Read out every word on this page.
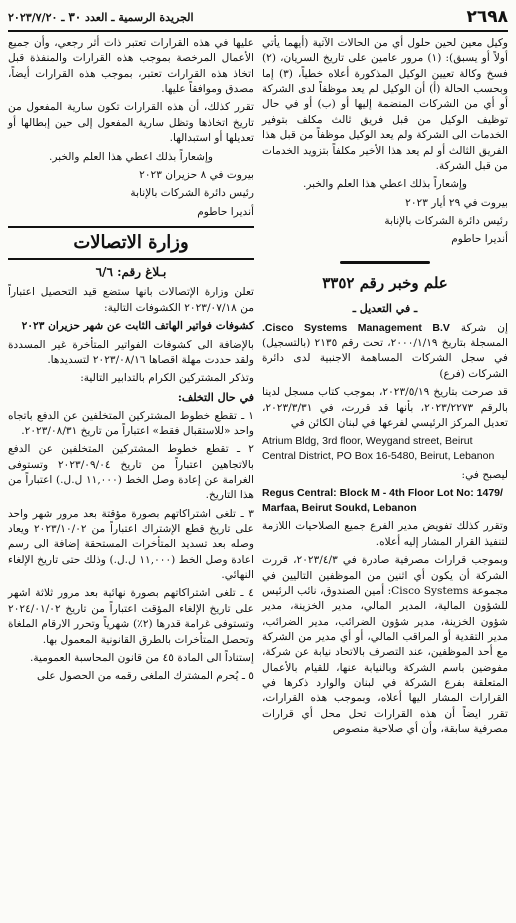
٢٦٩٨
الجريدة الرسمية ـ العدد ٣٠ ـ ٢٠٢٣/٧/٢٠

وكيل معين لحين حلول أي من الحالات الآتية (أيهما يأتي أولاً أو يسبق): (١) مرور عامين على تاريخ السريان، (٢) فسخ وكالة تعيين الوكيل المذكورة أعلاه خطياً، (٣) إما وبحسب الحالة (أ) أن الوكيل لم يعد موظفاً لدى الشركة أو أي من الشركات المنضمة إليها أو (ب) أو في حال توظيف الوكيل من قبل فريق ثالث مكلف بتوفير الخدمات الى الشركة ولم يعد الوكيل موظفاً من قبل هذا الفريق الثالث أو لم يعد هذا الأخير مكلفاً بتزويد الخدمات من قبل الشركة.

وإشعاراً بذلك اعطي هذا العلم والخبر.

بيروت في ٢٩ أيار ٢٠٢٣

رئيس دائرة الشركات بالإنابة

أنديرا حاطوم

علم وخبر رقم ٣٣٥٢
ـ في التعديل ـ

إن شركة Cisco Systems Management B.V. المسجلة بتاريخ ٢٠٠٠/١/١٩، تحت رقم ٢١٣٥ (بالتسجيل) في سجل الشركات المساهمة الاجنبية لدى دائرة الشركات (فرع)

قد صرحت بتاريخ ٢٠٢٣/٥/١٩، بموجب كتاب مسجل لدينا بالرقم ٢٠٢٣/٢٢٧٣، بأنها قد قررت، في ٢٠٢٣/٣/٣١، تعديل المركز الرئيسي لفرعها في لبنان الكائن في

Atrium Bldg, 3rd floor, Weygand street, Beirut Central District, PO Box 16-5480, Beirut, Lebanon

ليصبح في:

Regus Central: Block M - 4th Floor Lot No: 1479/ Marfaa, Beirut Soukd, Lebanon

وتقرر كذلك تفويض مدير الفرع جميع الصلاحيات اللازمة لتنفيذ القرار المشار إليه أعلاه.

وبموجب قرارات مصرفية صادرة في ٢٠٢٣/٤/٣، قررت الشركة أن يكون أي اثنين من الموظفين التاليين في مجموعة Cisco Systems: أمين الصندوق، نائب الرئيس للشؤون المالية، المدير المالي، مدير الخزينة، مدير شؤون الخزينة، مدير شؤون الضرائب، مدير الضرائب، مدير التقدية أو المراقب المالي، أو أي مدير من الشركة مع أحد الموظفين، عند التصرف بالاتحاد نيابة عن شركة، مفوضين باسم الشركة وبالنيابة عنها، للقيام بالأعمال المتعلقة بفرع الشركة في لبنان والوارد ذكرها في القرارات المشار اليها أعلاه، وبموجب هذه القرارات، تقرر ايضاً أن هذه القرارات تحل محل أي قرارات مصرفية سابقة، وأن أي صلاحية منصوص

عليها في هذه القرارات تعتبر ذات أثر رجعي، وأن جميع الأعمال المرخصة بموجب هذه القرارات والمنفذة قبل اتخاذ هذه القرارات تعتبر، بموجب هذه القرارات أيضاً، مصدق وموافقاً عليها.

تقرر كذلك، أن هذه القرارات تكون سارية المفعول من تاريخ اتخاذها وتظل سارية المفعول إلى حين إبطالها أو تعديلها أو استبدالها.

وإشعاراً بذلك اعطي هذا العلم والخبر.

بيروت في ٨ حزيران ٢٠٢٣

رئيس دائرة الشركات بالإنابة

أنديرا حاطوم

وزارة الاتصالات
بـلاغ رقم: ٦/٦

تعلن وزارة الإتصالات بانها ستضع قيد التحصيل اعتباراً من ٢٠٢٣/٠٧/١٨ الكشوفات التالية:

كشوفات فواتير الهاتف الثابت عن شهر حزيران ٢٠٢٣

بالإضافة الى كشوفات الفواتير المتأخرة غير المسددة ولقد حددت مهلة اقصاها ٢٠٢٣/٠٨/١٦ لتسديدها.

وتذكر المشتركين الكرام بالتدابير التالية:

في حال التخلف:

١ ـ تقطع خطوط المشتركين المتخلفين عن الدفع باتجاه واحد «للاستقبال فقط» اعتباراً من تاريخ ٢٠٢٣/٠٨/٣١.

٢ ـ تقطع خطوط المشتركين المتخلفين عن الدفع بالاتجاهين اعتباراً من تاريخ ٢٠٢٣/٠٩/٠٤ وتستوفى الغرامة عن إعادة وصل الخط (١١,٠٠٠ ل.ل.) اعتباراً من هذا التاريخ.

٣ ـ تلغى اشتراكاتهم بصورة مؤقتة بعد مرور شهر واحد على تاريخ قطع الإشتراك اعتباراً من ٢٠٢٣/١٠/٠٢ ويعاد وصله بعد تسديد المتأخرات المستحقة إضافة الى رسم اعادة وصل الخط (١١,٠٠٠ ل.ل.) وذلك حتى تاريخ الإلغاء النهائي.

٤ ـ تلغى اشتراكاتهم بصورة نهائية بعد مرور ثلاثة اشهر على تاريخ الإلغاء المؤقت اعتباراً من تاريخ ٢٠٢٤/٠١/٠٢ وتستوفى غرامة قدرها (٢٪) شهرياً وتحرر الارقام الملغاة وتحصل المتأخرات بالطرق القانونية المعمول بها.

إستناداً الى المادة ٤٥ من قانون المحاسبة العمومية.

٥ ـ يُحرم المشترك الملغى رقمه من الحصول على
